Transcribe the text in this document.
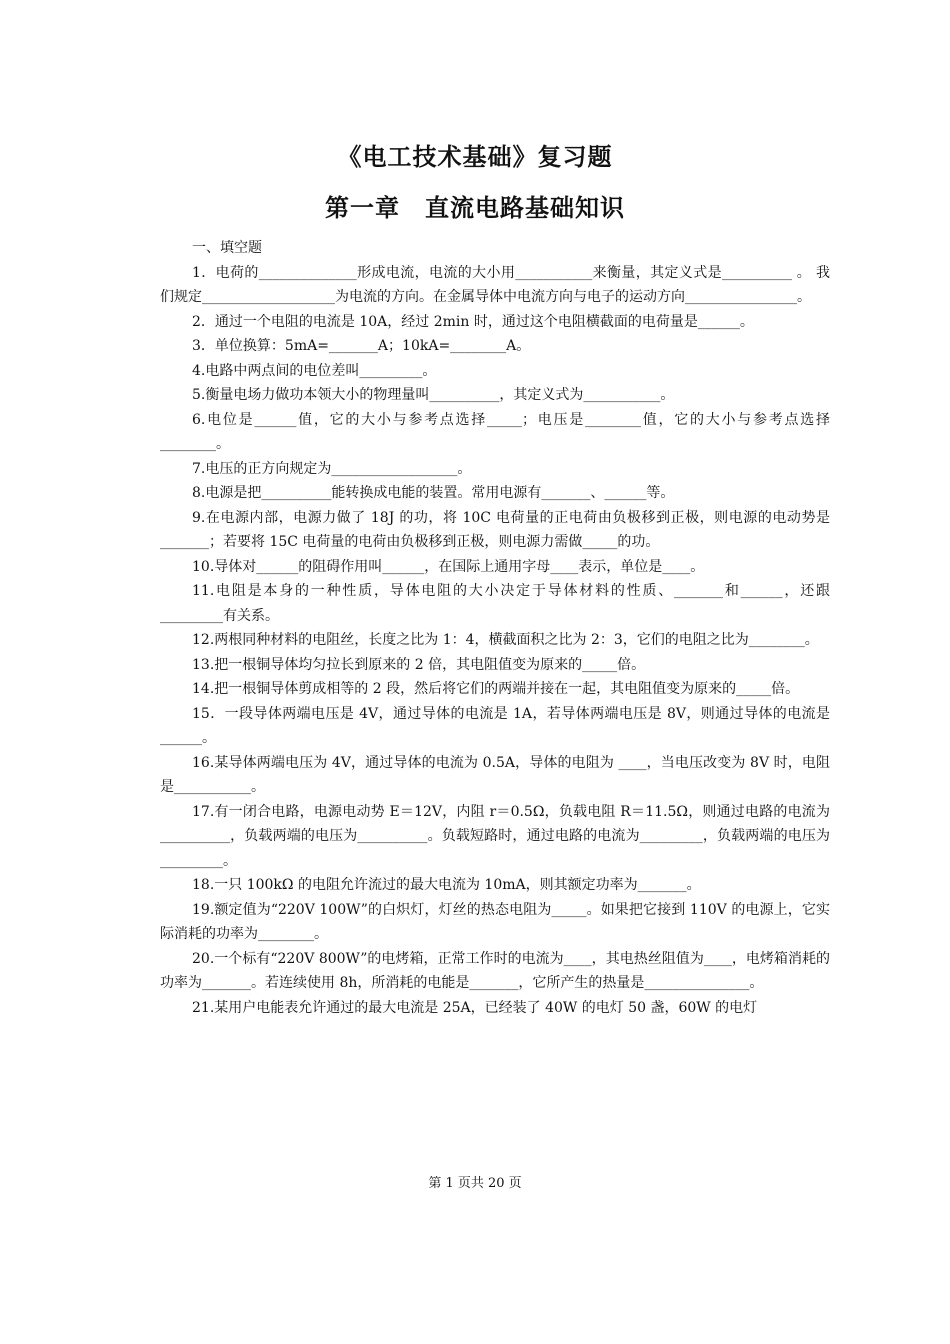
《电工技术基础》复习题
第一章　直流电路基础知识
一、填空题

1．电荷的______________形成电流，电流的大小用___________来衡量，其定义式是__________ 。 我们规定___________________为电流的方向。在金属导体中电流方向与电子的运动方向________________。

2．通过一个电阻的电流是 10A，经过 2min 时，通过这个电阻横截面的电荷量是______。

3．单位换算：5mA=_______A；10kA=________A。

4.电路中两点间的电位差叫_________。

5.衡量电场力做功本领大小的物理量叫__________，其定义式为___________。

6.电位是______值，它的大小与参考点选择_____；电压是________值，它的大小与参考点选择________。

7.电压的正方向规定为__________________。

8.电源是把__________能转换成电能的装置。常用电源有_______、______等。

9.在电源内部，电源力做了 18J 的功，将 10C 电荷量的正电荷由负极移到正极，则电源的电动势是_______；若要将 15C 电荷量的电荷由负极移到正极，则电源力需做_____的功。

10.导体对______的阻碍作用叫______，在国际上通用字母____表示，单位是____。

11.电阻是本身的一种性质，导体电阻的大小决定于导体材料的性质、_______和______，还跟_________有关系。

12.两根同种材料的电阻丝，长度之比为 1：4，横截面积之比为 2：3，它们的电阻之比为________。

13.把一根铜导体均匀拉长到原来的 2 倍，其电阻值变为原来的_____倍。

14.把一根铜导体剪成相等的 2 段，然后将它们的两端并接在一起，其电阻值变为原来的_____倍。

15．一段导体两端电压是 4V，通过导体的电流是 1A，若导体两端电压是 8V，则通过导体的电流是______。

16.某导体两端电压为 4V，通过导体的电流为 0.5A，导体的电阻为 ____，当电压改变为 8V 时，电阻是___________。

17.有一闭合电路，电源电动势 E＝12V，内阻 r＝0.5Ω，负载电阻 R＝11.5Ω，则通过电路的电流为__________，负载两端的电压为__________。负载短路时，通过电路的电流为_________，负载两端的电压为_________。

18.一只 100kΩ 的电阻允许流过的最大电流为 10mA，则其额定功率为_______。

19.额定值为“220V 100W”的白炽灯，灯丝的热态电阻为_____。如果把它接到 110V 的电源上，它实际消耗的功率为________。

20.一个标有“220V 800W”的电烤箱，正常工作时的电流为____，其电热丝阻值为____，电烤箱消耗的功率为_______。若连续使用 8h，所消耗的电能是_______，它所产生的热量是_______________。

21.某用户电能表允许通过的最大电流是 25A，已经装了 40W 的电灯 50 盏，60W 的电灯

第 1 页共 20 页
